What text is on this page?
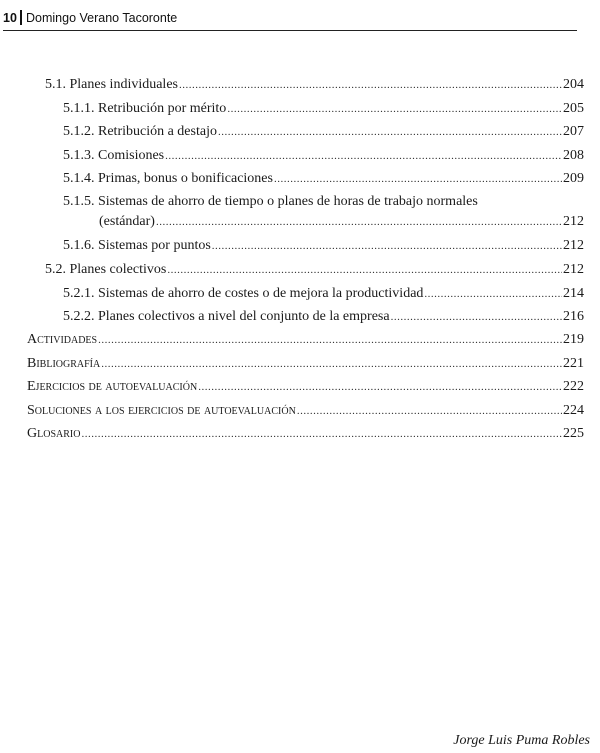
10 Domingo Verano Tacoronte
5.1. Planes individuales .....	204
5.1.1. Retribución por mérito .....	205
5.1.2. Retribución a destajo .....	207
5.1.3. Comisiones .....	208
5.1.4. Primas, bonus o bonificaciones .....	209
5.1.5. Sistemas de ahorro de tiempo o planes de horas de trabajo normales
(estándar) .....	212
5.1.6. Sistemas por puntos .....	212
5.2. Planes colectivos .....	212
5.2.1. Sistemas de ahorro de costes o de mejora la productividad .....	214
5.2.2. Planes colectivos a nivel del conjunto de la empresa .....	216
Actividades .....	219
Bibliografía .....	221
Ejercicios de autoevaluación .....	222
Soluciones a los ejercicios de autoevaluación .....	224
Glosario .....	225
Jorge Luis Puma Robles
